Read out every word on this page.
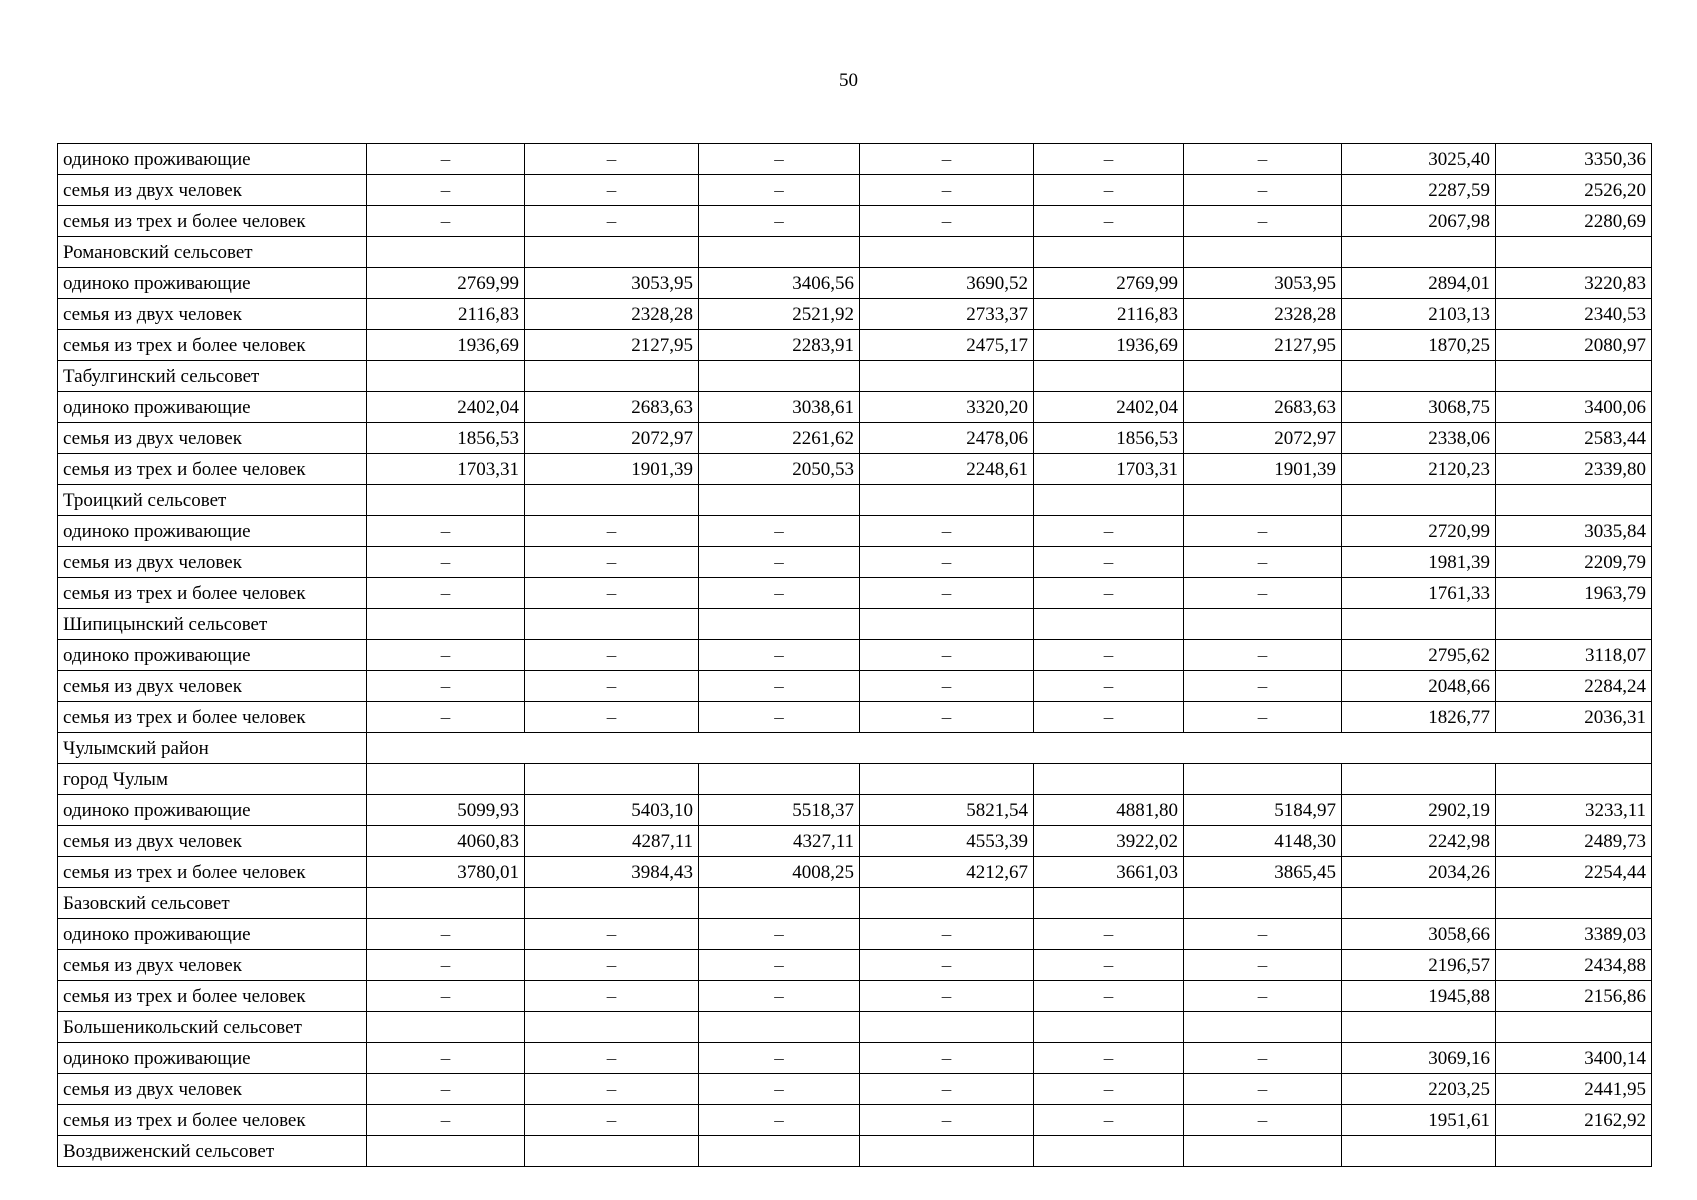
50
одиноко проживающие	–	–	–	–	–	–	3025,40	3350,36
семья из двух человек	–	–	–	–	–	–	2287,59	2526,20
семья из трех и более человек	–	–	–	–	–	–	2067,98	2280,69
Романовский сельсовет								
одиноко проживающие	2769,99	3053,95	3406,56	3690,52	2769,99	3053,95	2894,01	3220,83
семья из двух человек	2116,83	2328,28	2521,92	2733,37	2116,83	2328,28	2103,13	2340,53
семья из трех и более человек	1936,69	2127,95	2283,91	2475,17	1936,69	2127,95	1870,25	2080,97
Табулгинский сельсовет								
одиноко проживающие	2402,04	2683,63	3038,61	3320,20	2402,04	2683,63	3068,75	3400,06
семья из двух человек	1856,53	2072,97	2261,62	2478,06	1856,53	2072,97	2338,06	2583,44
семья из трех и более человек	1703,31	1901,39	2050,53	2248,61	1703,31	1901,39	2120,23	2339,80
Троицкий сельсовет								
одиноко проживающие	–	–	–	–	–	–	2720,99	3035,84
семья из двух человек	–	–	–	–	–	–	1981,39	2209,79
семья из трех и более человек	–	–	–	–	–	–	1761,33	1963,79
Шипицынский сельсовет								
одиноко проживающие	–	–	–	–	–	–	2795,62	3118,07
семья из двух человек	–	–	–	–	–	–	2048,66	2284,24
семья из трех и более человек	–	–	–	–	–	–	1826,77	2036,31
Чулымский район								
город Чулым								
одиноко проживающие	5099,93	5403,10	5518,37	5821,54	4881,80	5184,97	2902,19	3233,11
семья из двух человек	4060,83	4287,11	4327,11	4553,39	3922,02	4148,30	2242,98	2489,73
семья из трех и более человек	3780,01	3984,43	4008,25	4212,67	3661,03	3865,45	2034,26	2254,44
Базовский сельсовет								
одиноко проживающие	–	–	–	–	–	–	3058,66	3389,03
семья из двух человек	–	–	–	–	–	–	2196,57	2434,88
семья из трех и более человек	–	–	–	–	–	–	1945,88	2156,86
Большеникольский сельсовет								
одиноко проживающие	–	–	–	–	–	–	3069,16	3400,14
семья из двух человек	–	–	–	–	–	–	2203,25	2441,95
семья из трех и более человек	–	–	–	–	–	–	1951,61	2162,92
Воздвиженский сельсовет								
